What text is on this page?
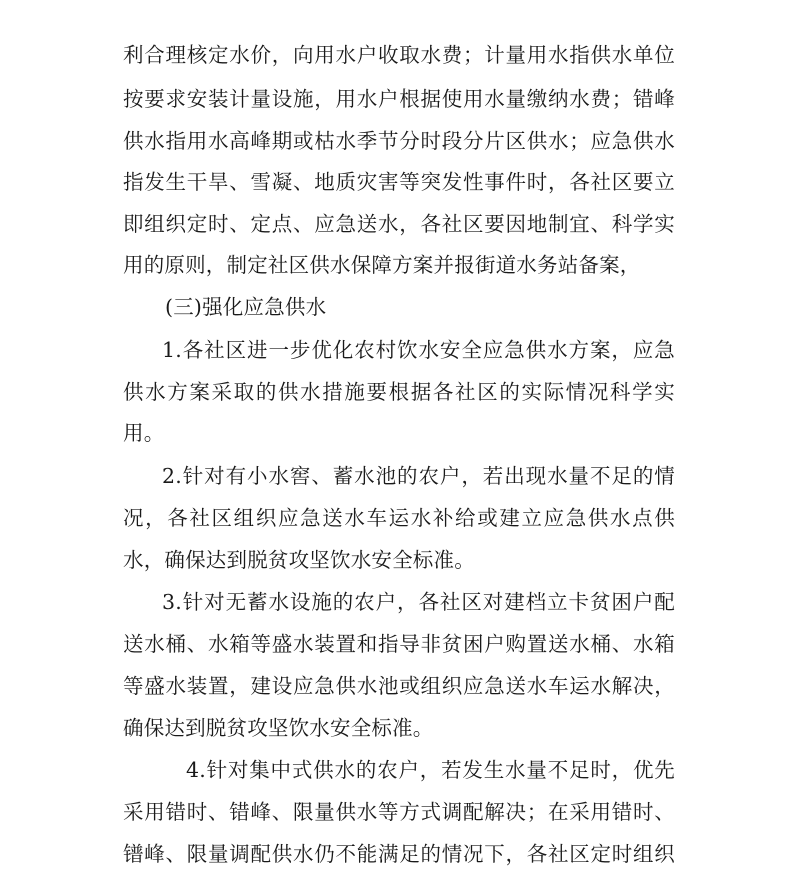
利合理核定水价，向用水户收取水费；计量用水指供水单位
按要求安装计量设施，用水户根据使用水量缴纳水费；错峰
供水指用水高峰期或枯水季节分时段分片区供水；应急供水
指发生干旱、雪凝、地质灾害等突发性事件时，各社区要立
即组织定时、定点、应急送水，各社区要因地制宜、科学实
用的原则，制定社区供水保障方案并报街道水务站备案，
(三)强化应急供水
1.各社区进一步优化农村饮水安全应急供水方案，应急
供水方案采取的供水措施要根据各社区的实际情况科学实
用。
2.针对有小水窖、蓄水池的农户，若出现水量不足的情
况，各社区组织应急送水车运水补给或建立应急供水点供
水，确保达到脱贫攻坚饮水安全标准。
3.针对无蓄水设施的农户，各社区对建档立卡贫困户配
送水桶、水箱等盛水装置和指导非贫困户购置送水桶、水箱
等盛水装置，建设应急供水池或组织应急送水车运水解决，
确保达到脱贫攻坚饮水安全标准。
4.针对集中式供水的农户，若发生水量不足时，优先
采用错时、错峰、限量供水等方式调配解决；在采用错时、
镨峰、限量调配供水仍不能满足的情况下，各社区定时组织
